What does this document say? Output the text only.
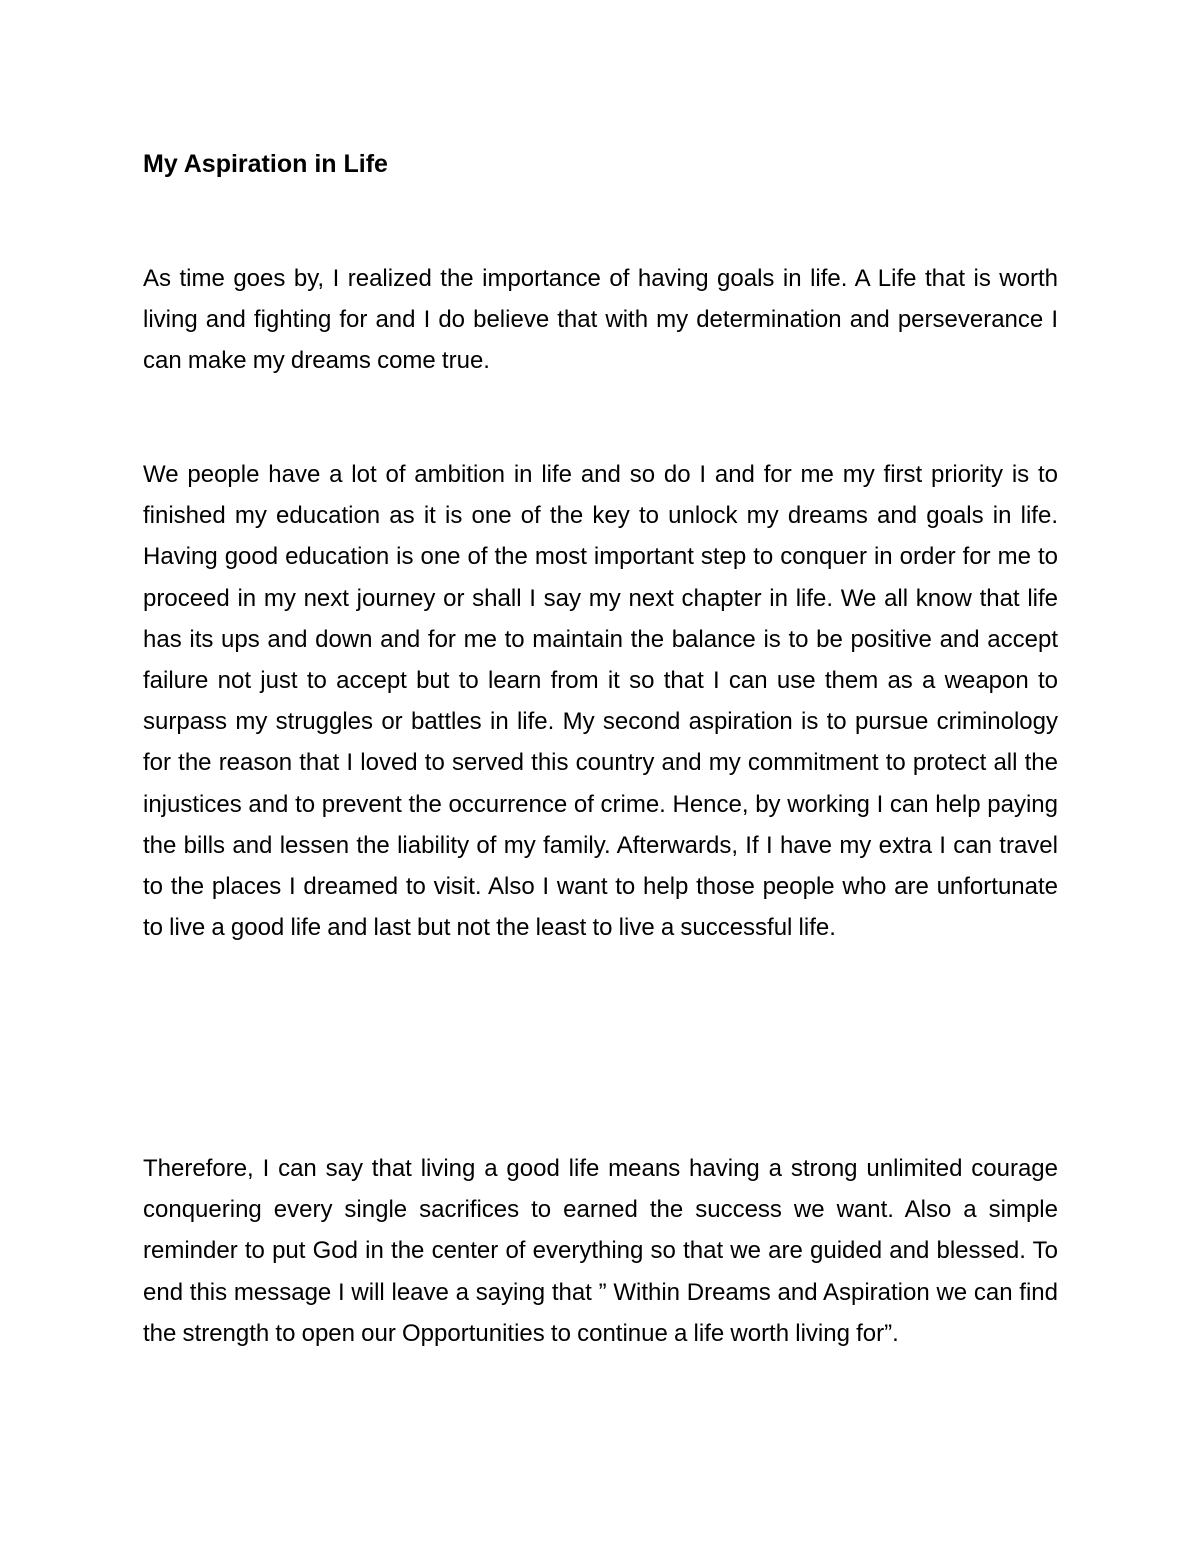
My Aspiration in Life

As time goes by, I realized the importance of having goals in life. A Life that is worth living and fighting for and I do believe that with my determination and perseverance I can make my dreams come true.

We people have a lot of ambition in life and so do I and for me my first priority is to finished my education as it is one of the key to unlock my dreams and goals in life. Having good education is one of the most important step to conquer in order for me to proceed in my next journey or shall I say my next chapter in life. We all know that life has its ups and down and for me to maintain the balance is to be positive and accept failure not just to accept but to learn from it so that I can use them as a weapon to surpass my struggles or battles in life. My second aspiration is to pursue criminology for the reason that I loved to served this country and my commitment to protect all the injustices and to prevent the occurrence of crime. Hence, by working I can help paying the bills and lessen the liability of my family. Afterwards, If I have my extra I can travel to the places I dreamed to visit. Also I want to help those people who are unfortunate to live a good life and last but not the least to live a successful life.

Therefore, I can say that living a good life means having a strong unlimited courage conquering every single sacrifices to earned the success we want. Also a simple reminder to put God in the center of everything so that we are guided and blessed. To end this message I will leave a saying that ” Within Dreams and Aspiration we can find the strength to open our Opportunities to continue a life worth living for”.
